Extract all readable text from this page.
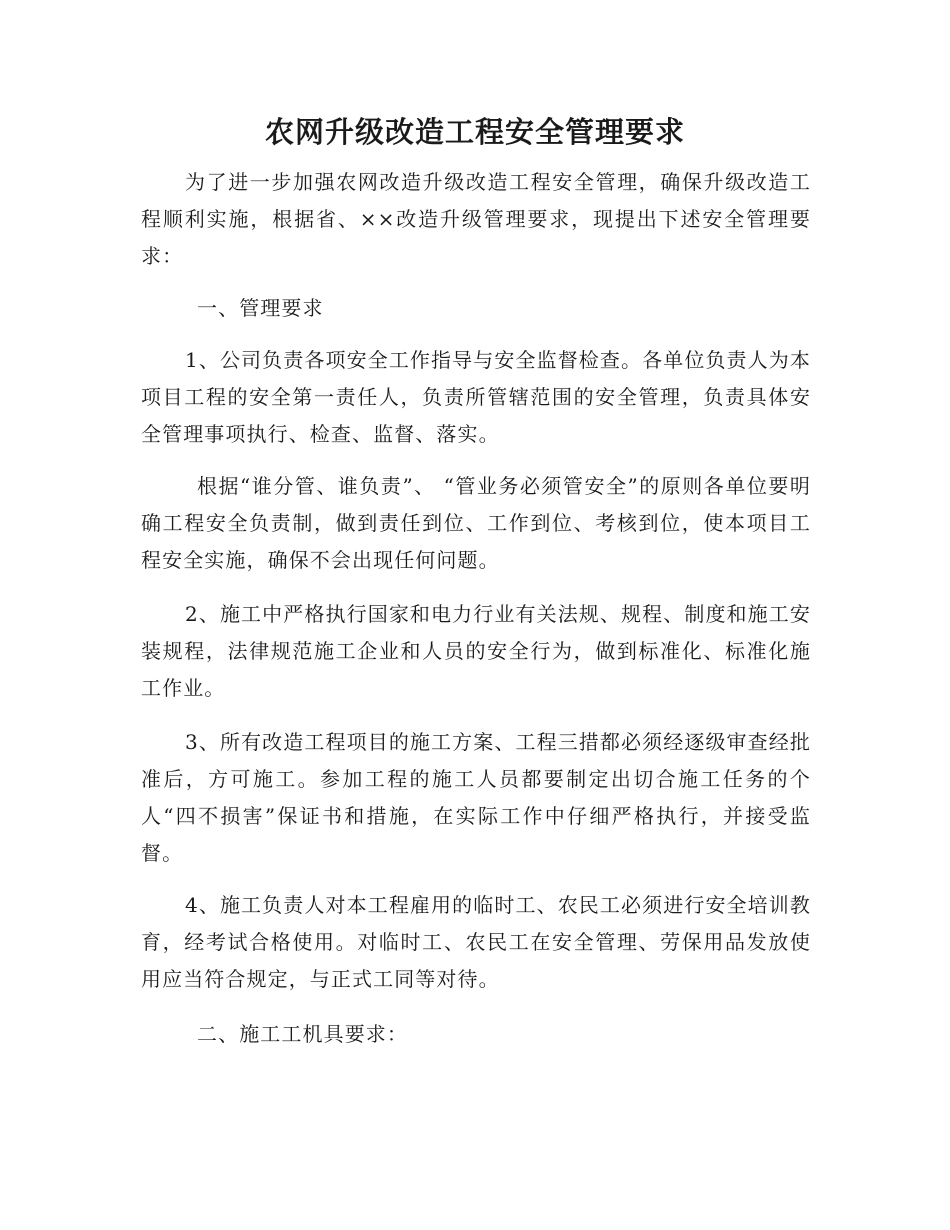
农网升级改造工程安全管理要求

为了进一步加强农网改造升级改造工程安全管理，确保升级改造工程顺利实施，根据省、××改造升级管理要求，现提出下述安全管理要求：

一、管理要求

1、公司负责各项安全工作指导与安全监督检查。各单位负责人为本项目工程的安全第一责任人，负责所管辖范围的安全管理，负责具体安全管理事项执行、检查、监督、落实。

根据“谁分管、谁负责”、 “管业务必须管安全”的原则各单位要明确工程安全负责制，做到责任到位、工作到位、考核到位，使本项目工程安全实施，确保不会出现任何问题。

2、施工中严格执行国家和电力行业有关法规、规程、制度和施工安装规程，法律规范施工企业和人员的安全行为，做到标准化、标准化施工作业。

3、所有改造工程项目的施工方案、工程三措都必须经逐级审查经批准后，方可施工。参加工程的施工人员都要制定出切合施工任务的个人“四不损害”保证书和措施，在实际工作中仔细严格执行，并接受监督。

4、施工负责人对本工程雇用的临时工、农民工必须进行安全培训教育，经考试合格使用。对临时工、农民工在安全管理、劳保用品发放使用应当符合规定，与正式工同等对待。

二、施工工机具要求：
